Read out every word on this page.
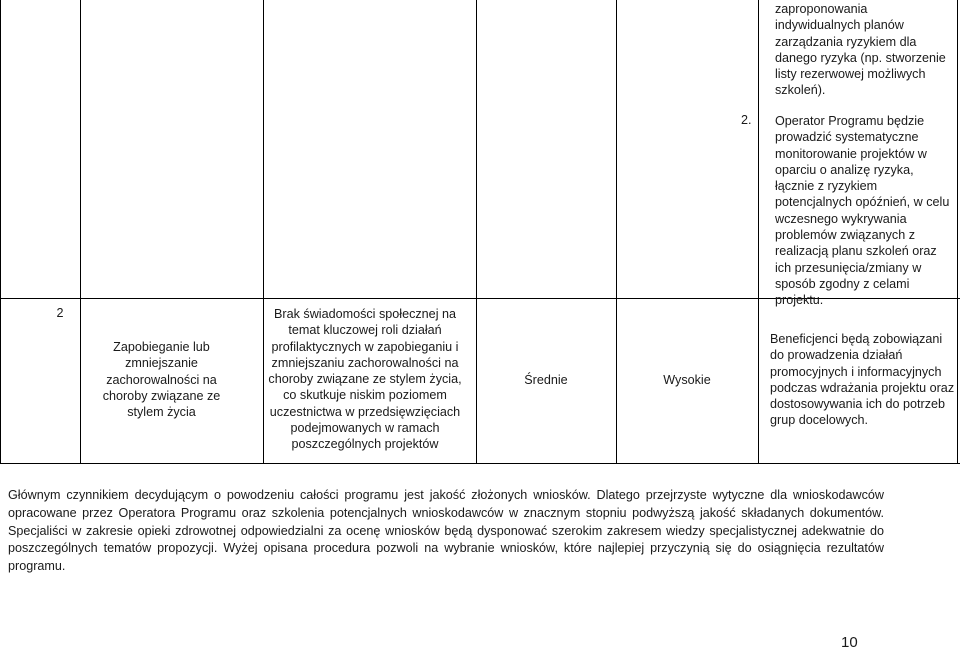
zaproponowania indywidualnych planów zarządzania ryzykiem dla danego ryzyka (np. stworzenie listy rezerwowej możliwych szkoleń).
2. Operator Programu będzie prowadzić systematyczne monitorowanie projektów w oparciu o analizę ryzyka, łącznie z ryzykiem potencjalnych opóźnień, w celu wczesnego wykrywania problemów związanych z realizacją planu szkoleń oraz ich przesunięcia/zmiany w sposób zgodny z celami projektu.
2
Zapobieganie lub zmniejszanie zachorowalności na choroby związane ze stylem życia
Brak świadomości społecznej na temat kluczowej roli działań profilaktycznych w zapobieganiu i zmniejszaniu zachorowalności na choroby związane ze stylem życia, co skutkuje niskim poziomem uczestnictwa w przedsięwzięciach podejmowanych w ramach poszczególnych projektów
Średnie	Wysokie
Beneficjenci będą zobowiązani do prowadzenia działań promocyjnych i informacyjnych podczas wdrażania projektu oraz dostosowywania ich do potrzeb grup docelowych.
Głównym czynnikiem decydującym o powodzeniu całości programu jest jakość złożonych wniosków. Dlatego przejrzyste wytyczne dla wnioskodawców opracowane przez Operatora Programu oraz szkolenia potencjalnych wnioskodawców w znacznym stopniu podwyższą jakość składanych dokumentów. Specjaliści w zakresie opieki zdrowotnej odpowiedzialni za ocenę wniosków będą dysponować szerokim zakresem wiedzy specjalistycznej adekwatnie do poszczególnych tematów propozycji. Wyżej opisana procedura pozwoli na wybranie wniosków, które najlepiej przyczynią się do osiągnięcia rezultatów programu.
10
